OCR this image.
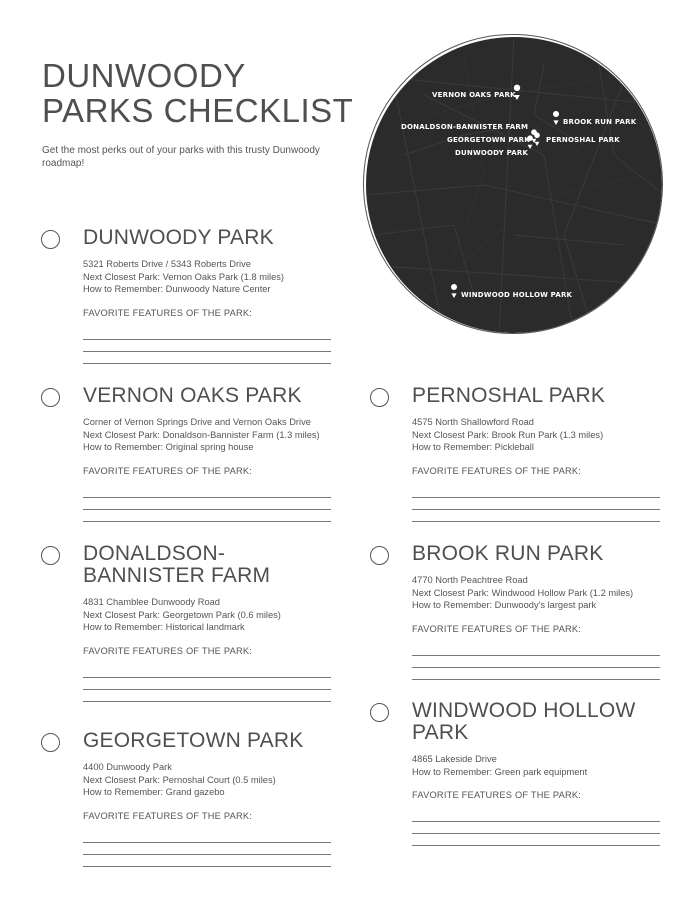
DUNWOODY
PARKS CHECKLIST

Get the most perks out of your parks with this trusty Dunwoody roadmap!

VERNON OAKS PARK
BROOK RUN PARK
DONALDSON-BANNISTER FARM
GEORGETOWN PARK PERNOSHAL PARK
DUNWOODY PARK
WINDWOOD HOLLOW PARK
DUNWOODY PARK
5321 Roberts Drive / 5343 Roberts Drive
Next Closest Park: Vernon Oaks Park (1.8 miles)
How to Remember: Dunwoody Nature Center
FAVORITE FEATURES OF THE PARK:
VERNON OAKS PARK
Corner of Vernon Springs Drive and Vernon Oaks Drive
Next Closest Park: Donaldson-Bannister Farm (1.3 miles)
How to Remember: Original spring house
FAVORITE FEATURES OF THE PARK:
DONALDSON-
BANNISTER FARM
4831 Chamblee Dunwoody Road
Next Closest Park: Georgetown Park (0.6 miles)
How to Remember: Historical landmark
FAVORITE FEATURES OF THE PARK:
GEORGETOWN PARK
4400 Dunwoody Park
Next Closest Park: Pernoshal Court (0.5 miles)
How to Remember: Grand gazebo
FAVORITE FEATURES OF THE PARK:
PERNOSHAL PARK
4575 North Shallowford Road
Next Closest Park: Brook Run Park (1.3 miles)
How to Remember: Pickleball
FAVORITE FEATURES OF THE PARK:
BROOK RUN PARK
4770 North Peachtree Road
Next Closest Park: Windwood Hollow Park (1.2 miles)
How to Remember: Dunwoody's largest park
FAVORITE FEATURES OF THE PARK:
WINDWOOD HOLLOW
PARK
4865 Lakeside Drive
How to Remember: Green park equipment
FAVORITE FEATURES OF THE PARK:
